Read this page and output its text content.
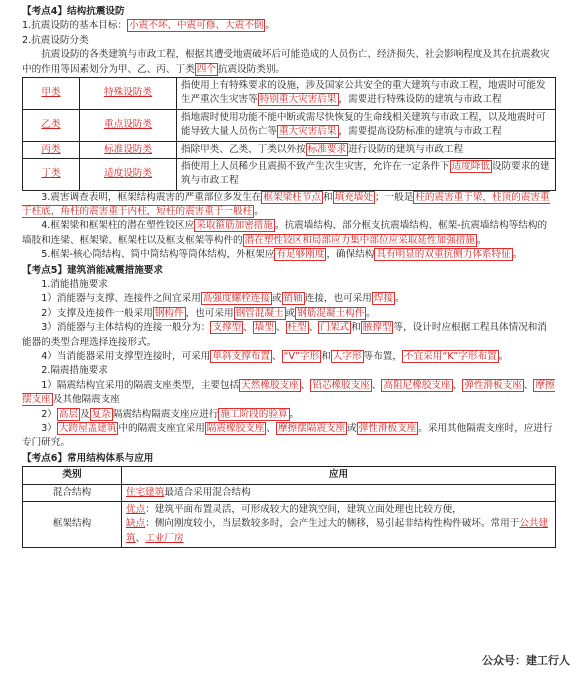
【考点4】结构抗震设防

1.抗震设防的基本目标： 小震不坏、中震可修、大震不倒 。

2.抗震设防分类

抗震设防的各类建筑与市政工程，根据其遭受地震破坏后可能造成的人员伤亡、经济损失、社会影响程度及其在抗震救灾中的作用等因素划分为甲、乙、丙、丁类 四个 抗震设防类别。

甲类	特殊设防类	指使用上有特殊要求的设施，涉及国家公共安全的重大建筑与市政工程，地震时可能发生严重次生灾害等 特别重大灾害后果 ，需要进行特殊设防的建筑与市政工程
乙类	重点设防类	指地震时使用功能不能中断或需尽快恢复的生命线相关建筑与市政工程，以及地震时可能导致大量人员伤亡等 重大灾害后果 ，需要提高设防标准的建筑与市政工程
丙类	标准设防类	指除甲类、乙类、丁类以外按 标准要求 进行设防的建筑与市政工程
丁类	适度设防类	指使用上人员稀少且震损不致产生次生灾害，允许在一定条件下 适度降低 设防要求的建筑与市政工程

3.震害调查表明，框架结构震害的严重部位多发生在 框架梁柱节点 和 填充墙处 ；一般是 柱的震害重于梁，柱顶的震害重于柱底，角柱的震害重于内柱，短柱的震害重于一般柱 。

4.框架梁和框架柱的潜在塑性铰区应 采取箍筋加密措施 。抗震墙结构、部分框支抗震墙结构、框架-抗震墙结构等结构的墙肢和连梁、框架梁、框架柱以及框支框架等构件的 潜在塑性铰区和局部应力集中部位应采取延性加强措施 。

5.框架-核心筒结构、筒中筒结构等筒体结构，外框架应 有足够刚度 ，确保结构 具有明显的双重抗侧力体系特征 。

【考点5】建筑消能减震措施要求

1.消能措施要求

1）消能器与支撑、连接件之间宜采用 高强度螺栓连接 或 销轴 连接，也可采用 焊接 。

2）支撑及连接件一般采用 钢构件 ，也可采用 钢管混凝土 或 钢筋混凝土构件 。

3）消能器与主体结构的连接一般分为： 支撑型 、 墙型 、 柱型 、 门架式 和 腋撑型 等，设计时应根据工程具体情况和消能器的类型合理选择连接形式。

4）当消能器采用支撑型连接时，可采用 单斜支撑布置 、 “V”字形 和 人字形 等布置， 不宜采用“K”字形布置 。

2.隔震措施要求

1）隔震结构宜采用的隔震支座类型，主要包括 天然橡胶支座 、 铅芯橡胶支座 、 高阻尼橡胶支座 、 弹性滑板支座 、 摩擦摆支座 及其他隔震支座

2） 高层 及 复杂 隔震结构隔震支座应进行 施工阶段的验算 。

3） 大跨屋盖建筑 中的隔震支座宜采用 隔震橡胶支座 、 摩擦摆隔震支座 或 弹性滑板支座 。采用其他隔震支座时，应进行专门研究。

【考点6】常用结构体系与应用
类别	应用
混合结构	住宅建筑最适合采用混合结构
框架结构	优点：建筑平面布置灵活，可形成较大的建筑空间，建筑立面处理也比较方便，
缺点：侧向刚度较小，当层数较多时，会产生过大的侧移，易引起非结构性构件破坏。常用于公共建筑、工业厂房
公众号：建工行人
